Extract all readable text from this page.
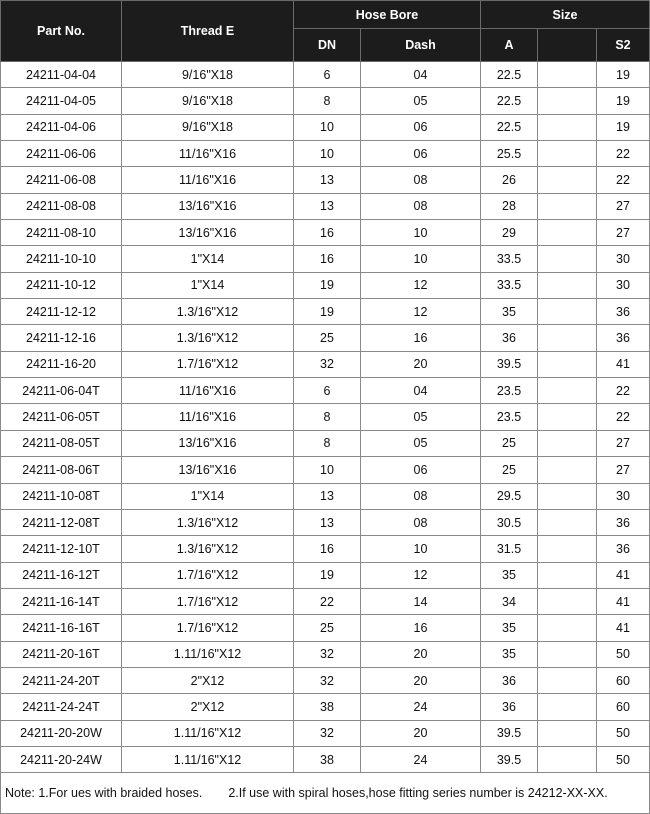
Part No.	Thread E	Hose Bore		Size		
		DN	Dash	A		S2
24211-04-04	9/16"X18	6	04	22.5		19
24211-04-05	9/16"X18	8	05	22.5		19
24211-04-06	9/16"X18	10	06	22.5		19
24211-06-06	11/16"X16	10	06	25.5		22
24211-06-08	11/16"X16	13	08	26		22
24211-08-08	13/16"X16	13	08	28		27
24211-08-10	13/16"X16	16	10	29		27
24211-10-10	1"X14	16	10	33.5		30
24211-10-12	1"X14	19	12	33.5		30
24211-12-12	1.3/16"X12	19	12	35		36
24211-12-16	1.3/16"X12	25	16	36		36
24211-16-20	1.7/16"X12	32	20	39.5		41
24211-06-04T	11/16"X16	6	04	23.5		22
24211-06-05T	11/16"X16	8	05	23.5		22
24211-08-05T	13/16"X16	8	05	25		27
24211-08-06T	13/16"X16	10	06	25		27
24211-10-08T	1"X14	13	08	29.5		30
24211-12-08T	1.3/16"X12	13	08	30.5		36
24211-12-10T	1.3/16"X12	16	10	31.5		36
24211-16-12T	1.7/16"X12	19	12	35		41
24211-16-14T	1.7/16"X12	22	14	34		41
24211-16-16T	1.7/16"X12	25	16	35		41
24211-20-16T	1.11/16"X12	32	20	35		50
24211-24-20T	2"X12	32	20	36		60
24211-24-24T	2"X12	38	24	36		60
24211-20-20W	1.11/16"X12	32	20	39.5		50
24211-20-24W	1.11/16"X12	38	24	39.5		50
Note: 1.For ues with braided hoses. 2.If use with spiral hoses,hose fitting series number is 24212-XX-XX.						
